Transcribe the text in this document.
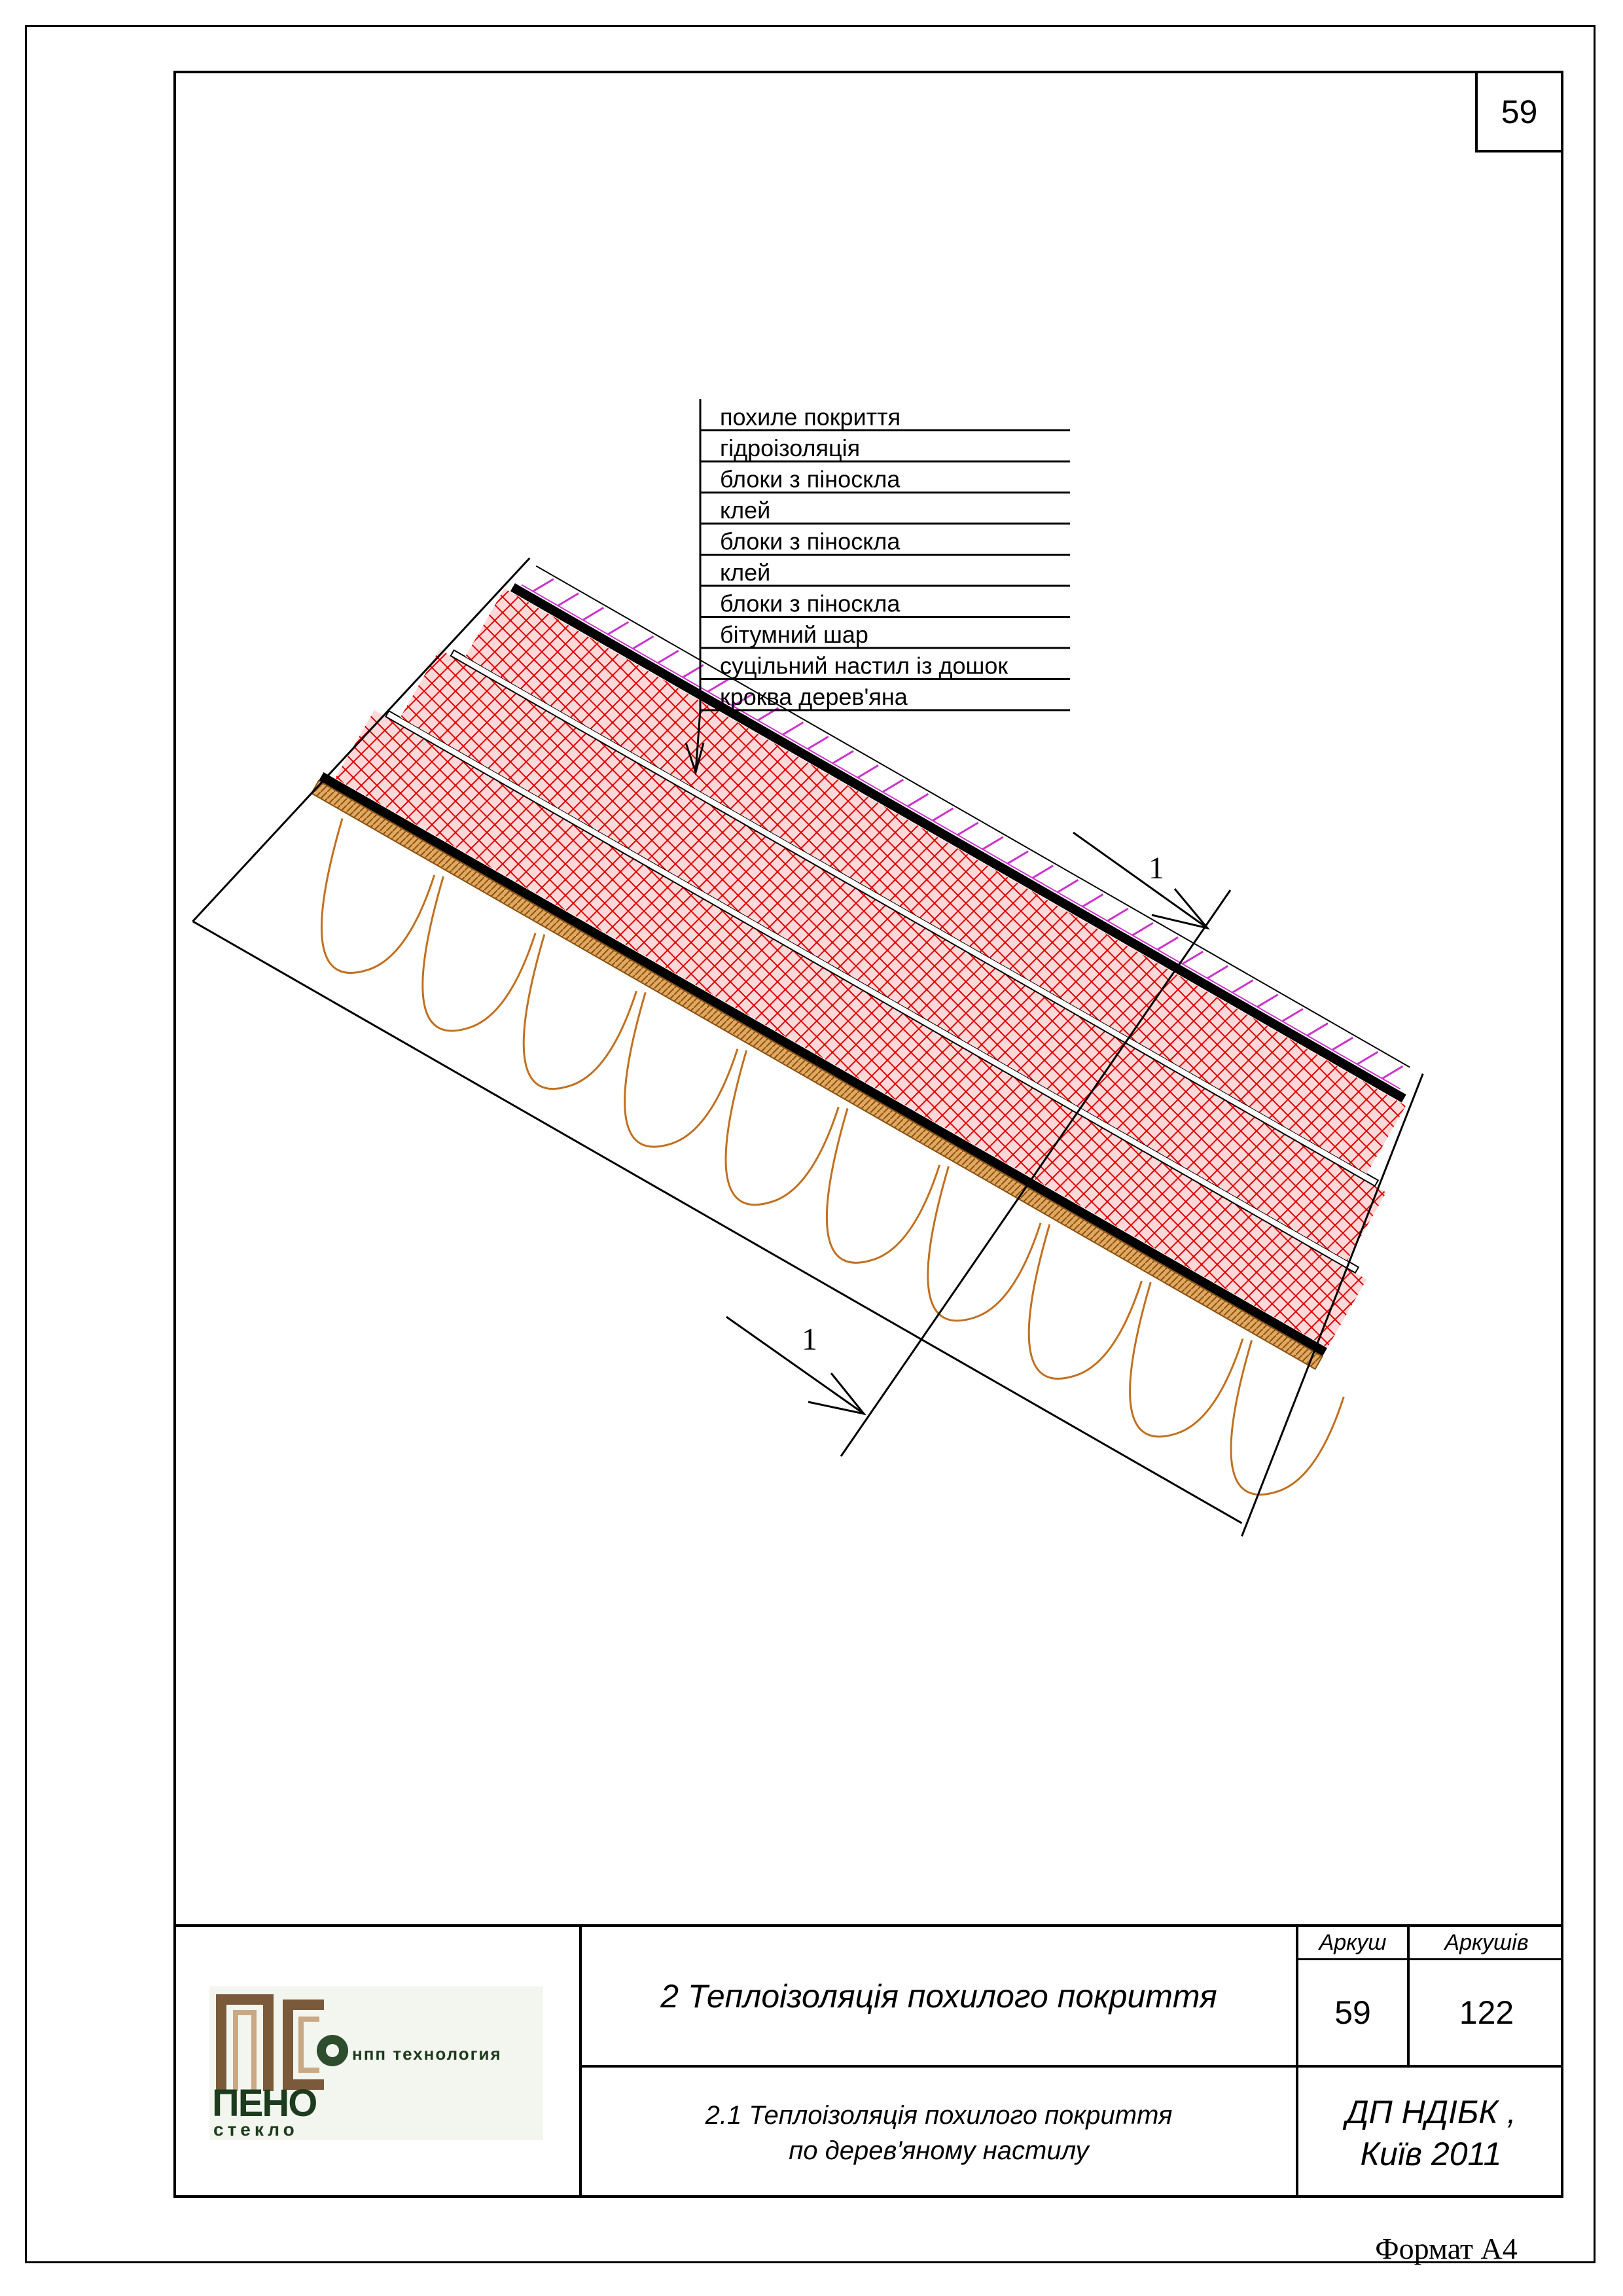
59
похиле покриття
гідроізоляція
блоки з піноскла
клей
блоки з піноскла
клей
блоки з піноскла
бітумний шар
суцільний настил із дошок
кроква дерев'яна
1
1
2 Теплоізоляція похилого покриття
Аркуш	Аркушів
59	122
2.1 Теплоізоляція похилого покриття
по дерев'яному настилу
ДП НДІБК ,
Київ 2011
нпп технология
ПЕНО
стекло
Формат А4
